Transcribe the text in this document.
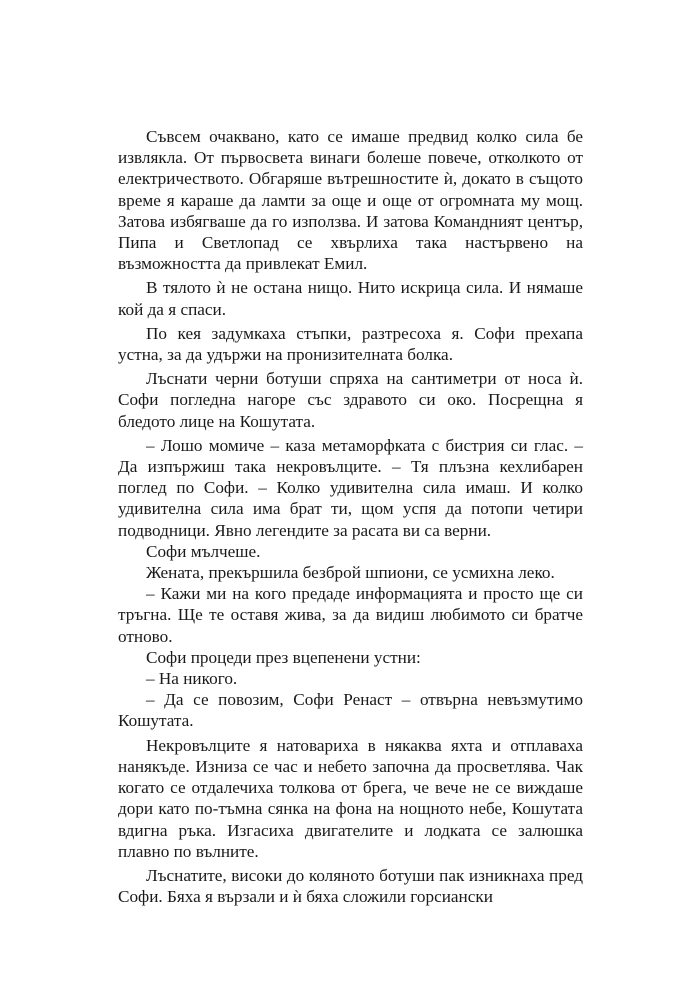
Съвсем очаквано, като се имаше предвид колко сила бе извлякла. От първосвета винаги болеше повече, отколкото от електричеството. Обгаряше вътрешностите ѝ, докато в същото време я караше да ламти за още и още от огромната му мощ. Затова избягваше да го използва. И затова Командният център, Пипа и Светлопад се хвърлиха така настървено на възможността да привлекат Емил.

В тялото ѝ не остана нищо. Нито искрица сила. И нямаше кой да я спаси.

По кея задумкаха стъпки, разтресоха я. Софи прехапа устна, за да удържи на пронизителната болка.

Лъснати черни ботуши спряха на сантиметри от носа ѝ. Софи погледна нагоре със здравото си око. Посрещна я бледото лице на Кошутата.

– Лошо момиче – каза метаморфката с бистрия си глас. – Да изпържиш така некровълците. – Тя плъзна кехлибарен поглед по Софи. – Колко удивителна сила имаш. И колко удивителна сила има брат ти, щом успя да потопи четири подводници. Явно легендите за расата ви са верни.

Софи мълчеше.

Жената, прекършила безброй шпиони, се усмихна леко.

– Кажи ми на кого предаде информацията и просто ще си тръгна. Ще те оставя жива, за да видиш любимото си братче отново.

Софи процеди през вцепенени устни:

– На никого.

– Да се повозим, Софи Ренаст – отвърна невъзмутимо Кошутата.

Некровълците я натовариха в някаква яхта и отплаваха нанякъде. Изниза се час и небето започна да просветлява. Чак когато се отдалечиха толкова от брега, че вече не се виждаше дори като по-тъмна сянка на фона на нощното небе, Кошутата вдигна ръка. Изгасиха двигателите и лодката се залюшка плавно по вълните.

Лъснатите, високи до коляното ботуши пак изникнаха пред Софи. Бяха я вързали и ѝ бяха сложили горсиански
